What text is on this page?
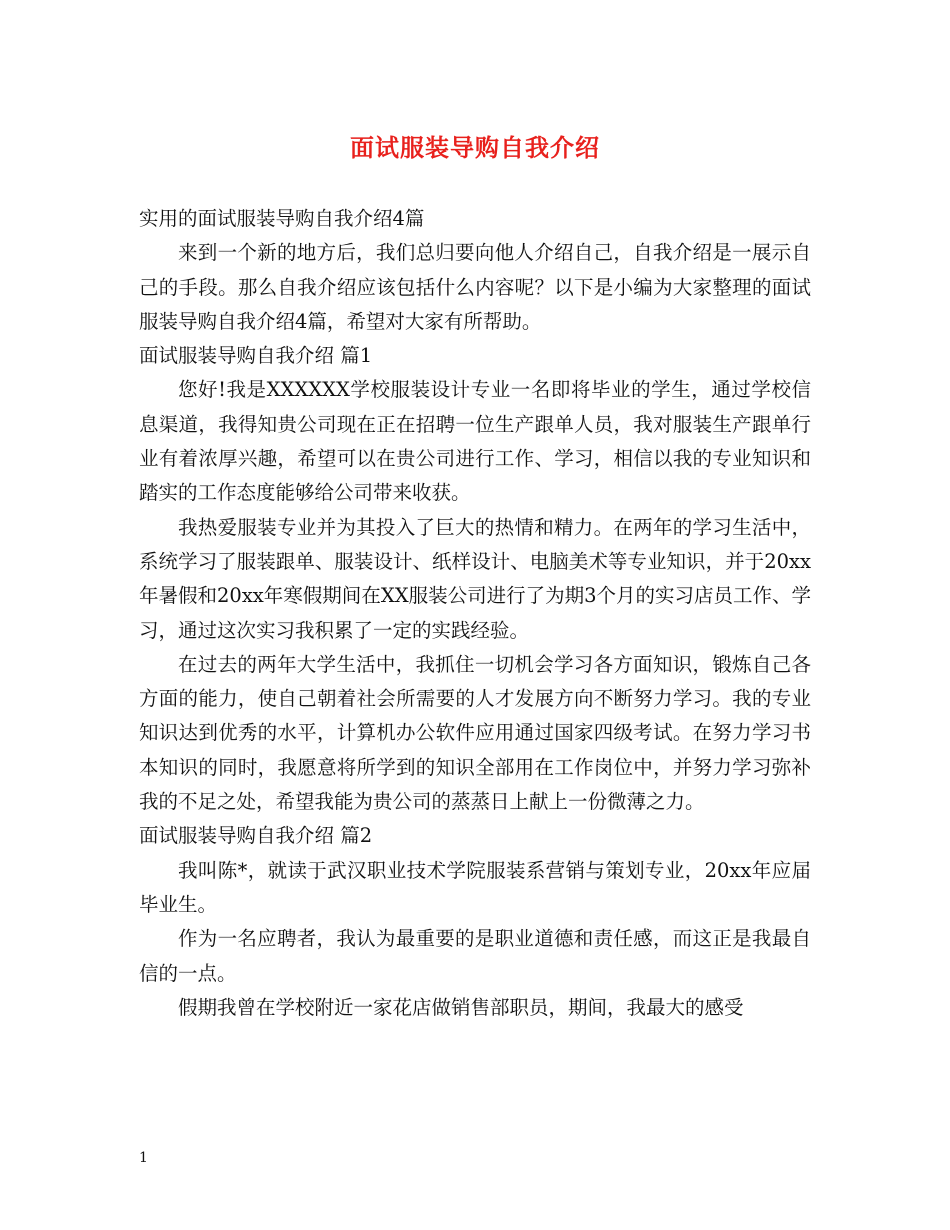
面试服装导购自我介绍

实用的面试服装导购自我介绍4篇

来到一个新的地方后，我们总归要向他人介绍自己，自我介绍是一展示自己的手段。那么自我介绍应该包括什么内容呢？以下是小编为大家整理的面试服装导购自我介绍4篇，希望对大家有所帮助。

面试服装导购自我介绍 篇1

您好!我是XXXXXX学校服装设计专业一名即将毕业的学生，通过学校信息渠道，我得知贵公司现在正在招聘一位生产跟单人员，我对服装生产跟单行业有着浓厚兴趣，希望可以在贵公司进行工作、学习，相信以我的专业知识和踏实的工作态度能够给公司带来收获。

我热爱服装专业并为其投入了巨大的热情和精力。在两年的学习生活中，系统学习了服装跟单、服装设计、纸样设计、电脑美术等专业知识，并于20xx年暑假和20xx年寒假期间在XX服装公司进行了为期3个月的实习店员工作、学习，通过这次实习我积累了一定的实践经验。

在过去的两年大学生活中，我抓住一切机会学习各方面知识，锻炼自己各方面的能力，使自己朝着社会所需要的人才发展方向不断努力学习。我的专业知识达到优秀的水平，计算机办公软件应用通过国家四级考试。在努力学习书本知识的同时，我愿意将所学到的知识全部用在工作岗位中，并努力学习弥补我的不足之处，希望我能为贵公司的蒸蒸日上献上一份微薄之力。

面试服装导购自我介绍 篇2

我叫陈*，就读于武汉职业技术学院服装系营销与策划专业，20xx年应届毕业生。

作为一名应聘者，我认为最重要的是职业道德和责任感，而这正是我最自信的一点。

假期我曾在学校附近一家花店做销售部职员，期间，我最大的感受

1
